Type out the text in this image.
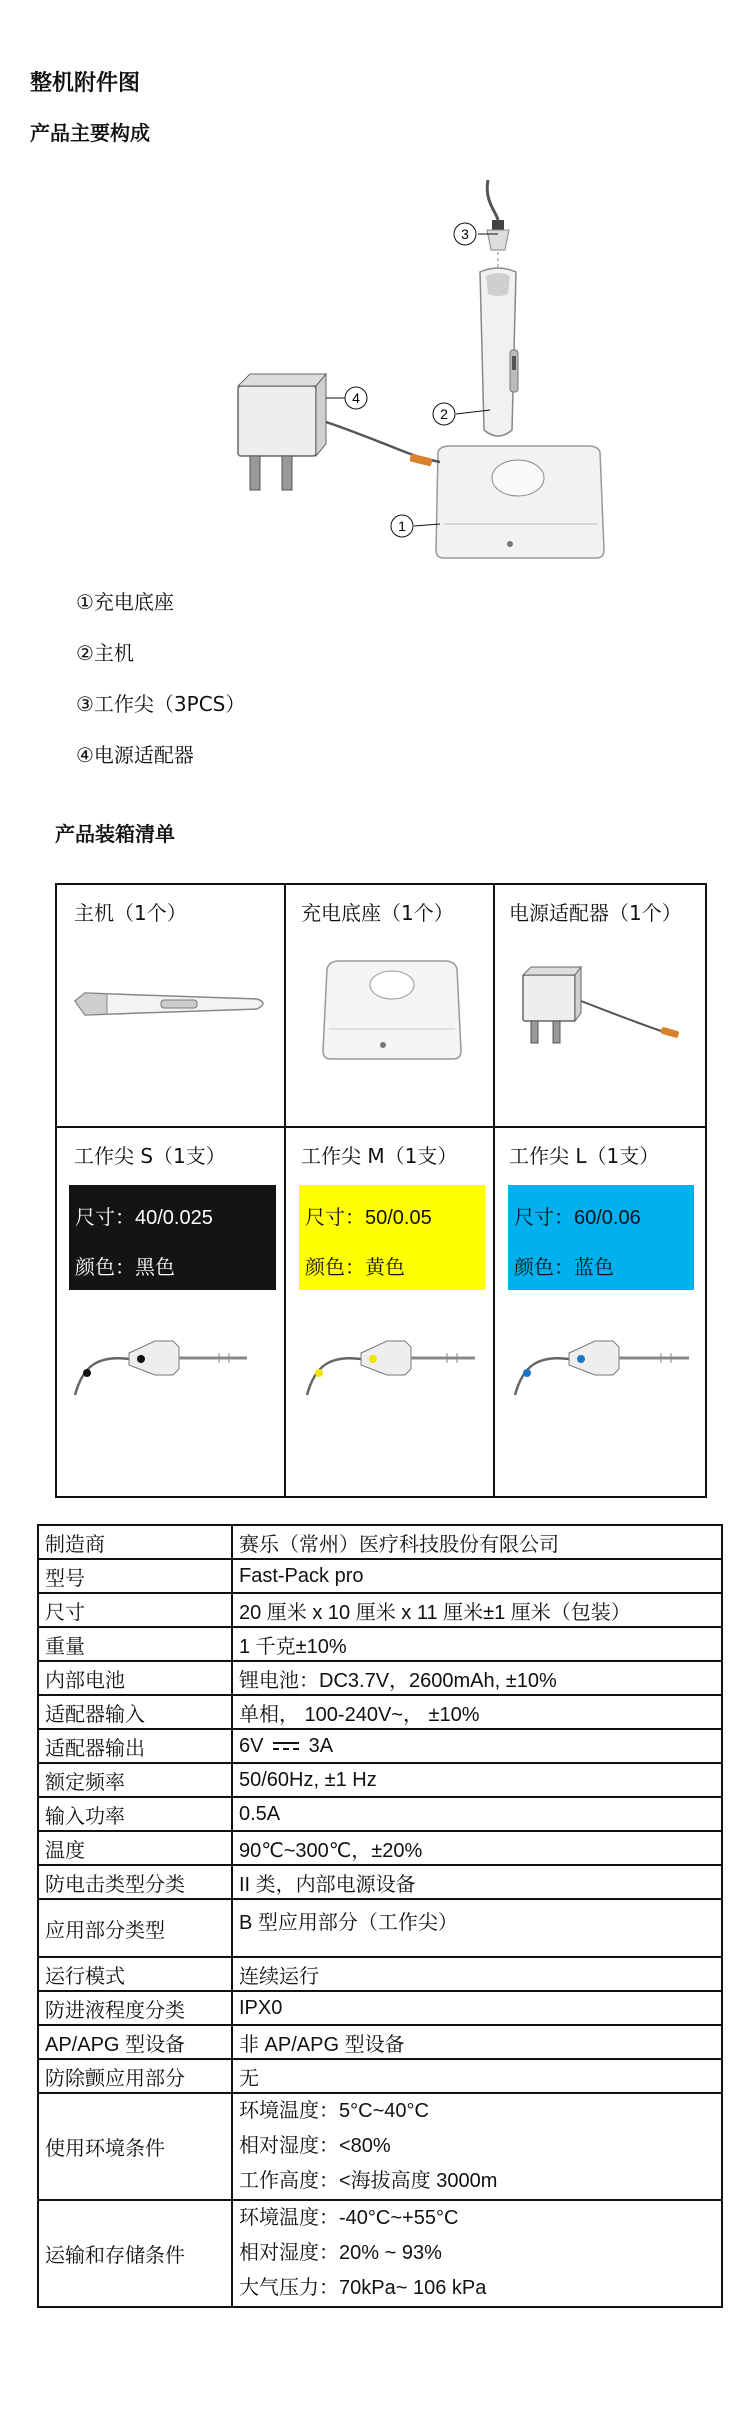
整机附件图
产品主要构成
3
2
4
1
①充电底座
②主机
③工作尖（3PCS）
④电源适配器
产品装箱清单
主机（1个）	充电底座（1个）	电源适配器（1个）
工作尖 S（1支）	工作尖 M（1支）	工作尖 L（1支）
尺寸：40/0.025
颜色：黑色
尺寸：50/0.05
颜色：黄色
尺寸：60/0.06
颜色：蓝色
制造商	赛乐（常州）医疗科技股份有限公司
型号	Fast-Pack pro
尺寸	20 厘米 x 10 厘米 x 11 厘米±1 厘米（包装）
重量	1 千克±10%
内部电池	锂电池：DC3.7V，2600mAh, ±10%
适配器输入	单相， 100-240V~， ±10%
适配器输出	6V 3A
额定频率	50/60Hz, ±1 Hz
输入功率	0.5A
温度	90℃~300℃，±20%
防电击类型分类	II 类，内部电源设备
应用部分类型	B 型应用部分（工作尖）
运行模式	连续运行
防进液程度分类	IPX0
AP/APG 型设备	非 AP/APG 型设备
防除颤应用部分	无
使用环境条件	环境温度：5°C~40°C
相对湿度：<80%
工作高度：<海拔高度 3000m

运输和存储条件	环境温度：-40°C~+55°C
相对湿度：20% ~ 93%
大气压力：70kPa~ 106 kPa
